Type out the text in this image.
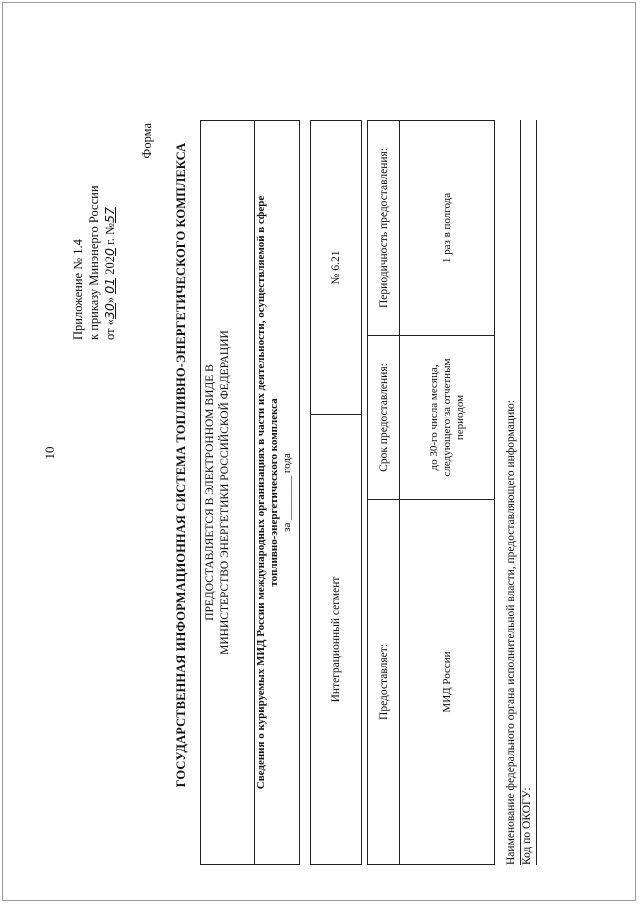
10
Приложение № 1.4 к приказу Минэнерго России от «30» 01 2020 г. №57
Форма
ГОСУДАРСТВЕННАЯ ИНФОРМАЦИОННАЯ СИСТЕМА ТОПЛИВНО-ЭНЕРГЕТИЧЕСКОГО КОМПЛЕКСА ПРЕДОСТАВЛЯЕТСЯ В ЭЛЕКТРОННОМ ВИДЕ В МИНИСТЕРСТВО ЭНЕРГЕТИКИ РОССИЙСКОЙ ФЕДЕРАЦИИ Сведения о курируемых МИД России международных организациях в части их деятельности, осуществляемой в сфере топливно-энергетического комплекса за ________ года
Интеграционный сегмент
№ 6.21
Предоставляет:
Срок предоставления:
Периодичность предоставления:
МИД России
до 30-го числа месяца, следующего за отчетным периодом
1 раз в полгода
Наименование федерального органа исполнительной власти, предоставляющего информацию: Код по ОКОГУ:
